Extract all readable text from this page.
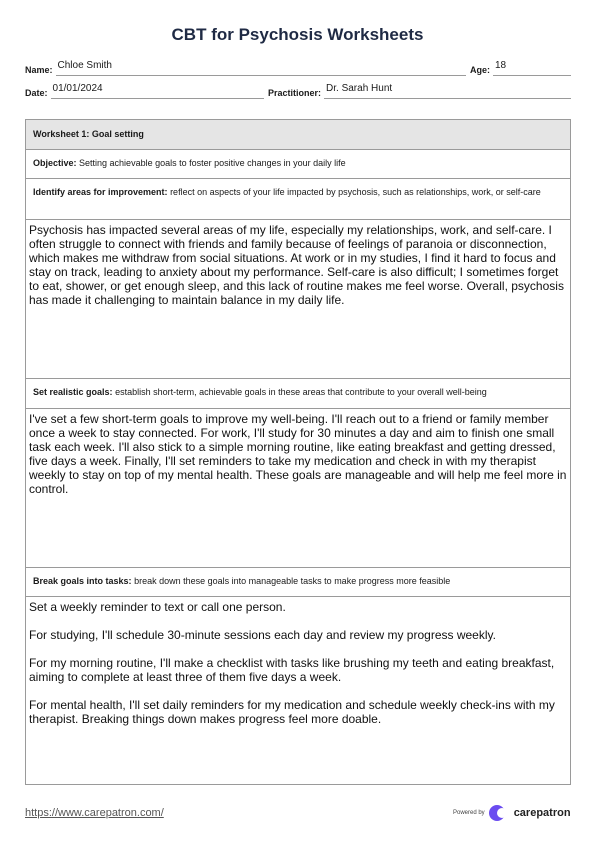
CBT for Psychosis Worksheets
Name: Chloe Smith	Age: 18
Date: 01/01/2024	Practitioner: Dr. Sarah Hunt
Worksheet 1: Goal setting
Objective: Setting achievable goals to foster positive changes in your daily life
Identify areas for improvement: reflect on aspects of your life impacted by psychosis, such as relationships, work, or self-care

Psychosis has impacted several areas of my life, especially my relationships, work, and self-care. I often struggle to connect with friends and family because of feelings of paranoia or disconnection, which makes me withdraw from social situations. At work or in my studies, I find it hard to focus and stay on track, leading to anxiety about my performance. Self-care is also difficult; I sometimes forget to eat, shower, or get enough sleep, and this lack of routine makes me feel worse. Overall, psychosis has made it challenging to maintain balance in my daily life.

Set realistic goals: establish short-term, achievable goals in these areas that contribute to your overall well-being

I've set a few short-term goals to improve my well-being. I'll reach out to a friend or family member once a week to stay connected. For work, I'll study for 30 minutes a day and aim to finish one small task each week. I'll also stick to a simple morning routine, like eating breakfast and getting dressed, five days a week. Finally, I'll set reminders to take my medication and check in with my therapist weekly to stay on top of my mental health. These goals are manageable and will help me feel more in control.

Break goals into tasks: break down these goals into manageable tasks to make progress more feasible

Set a weekly reminder to text or call one person.

For studying, I'll schedule 30-minute sessions each day and review my progress weekly.

For my morning routine, I'll make a checklist with tasks like brushing my teeth and eating breakfast, aiming to complete at least three of them five days a week.

For mental health, I'll set daily reminders for my medication and schedule weekly check-ins with my therapist. Breaking things down makes progress feel more doable.

https://www.carepatron.com/	Powered by	carepatron
